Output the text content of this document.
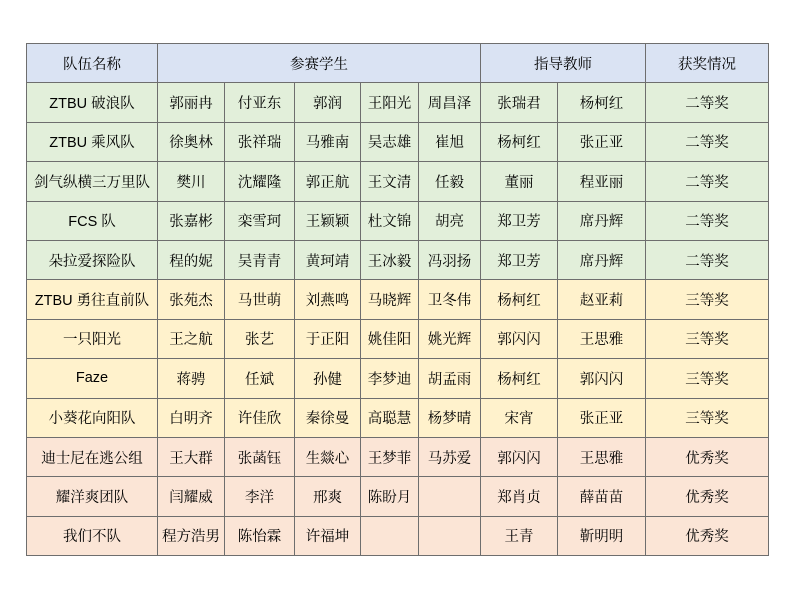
队伍名称	参赛学生					指导教师		获奖情况
ZTBU 破浪队	郭丽冉	付亚东	郭润	王阳光	周昌泽	张瑞君	杨柯红	二等奖
ZTBU 乘风队	徐奥林	张祥瑞	马雅南	吴志雄	崔旭	杨柯红	张正亚	二等奖
剑气纵横三万里队	樊川	沈耀隆	郭正航	王文清	任毅	董丽	程亚丽	二等奖
FCS 队	张嘉彬	栾雪珂	王颖颖	杜文锦	胡亮	郑卫芳	席丹辉	二等奖
朵拉爱探险队	程的妮	吴青青	黄珂靖	王冰毅	冯羽扬	郑卫芳	席丹辉	二等奖
ZTBU 勇往直前队	张苑杰	马世萌	刘燕鸣	马晓辉	卫冬伟	杨柯红	赵亚莉	三等奖
一只阳光	王之航	张艺	于正阳	姚佳阳	姚光辉	郭闪闪	王思雅	三等奖
Faze	蒋骋	任斌	孙健	李梦迪	胡孟雨	杨柯红	郭闪闪	三等奖
小葵花向阳队	白明齐	许佳欣	秦徐曼	高聪慧	杨梦晴	宋宵	张正亚	三等奖
迪士尼在逃公组	王大群	张菡钰	生燚心	王梦菲	马苏爱	郭闪闪	王思雅	优秀奖
耀洋爽团队	闫耀威	李洋	邢爽	陈盼月		郑肖贞	薛苗苗	优秀奖
我们不队	程方浩男	陈怡霖	许福坤			王青	靳明明	优秀奖
